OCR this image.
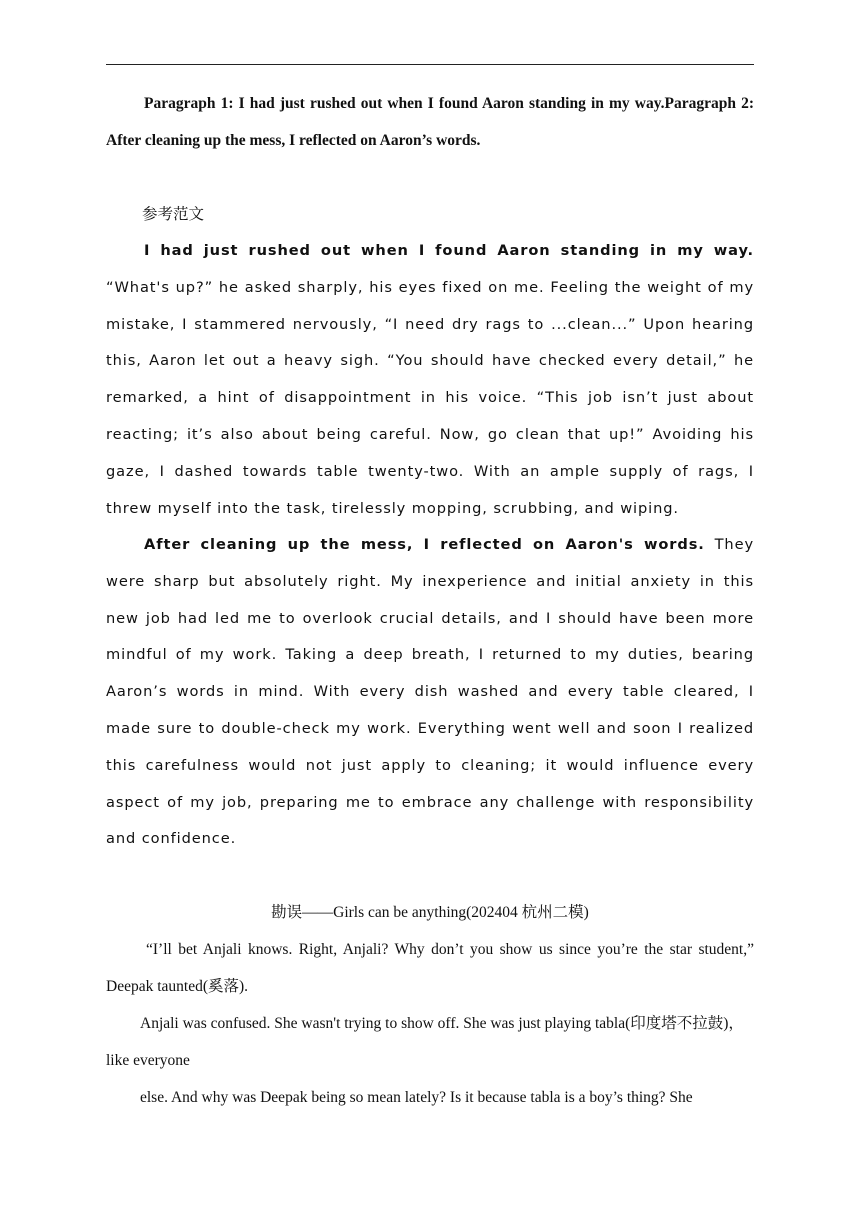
Paragraph 1: I had just rushed out when I found Aaron standing in my way.Paragraph 2: After cleaning up the mess, I reflected on Aaron’s words.

参考范文

I had just rushed out when I found Aaron standing in my way. “What's up?” he asked sharply, his eyes fixed on me. Feeling the weight of my mistake, I stammered nervously, “I need dry rags to ...clean...” Upon hearing this, Aaron let out a heavy sigh. “You should have checked every detail,” he remarked, a hint of disappointment in his voice. “This job isn’t just about reacting; it’s also about being careful. Now, go clean that up!” Avoiding his gaze, I dashed towards table twenty-two. With an ample supply of rags, I threw myself into the task, tirelessly mopping, scrubbing, and wiping.

After cleaning up the mess, I reflected on Aaron's words. They were sharp but absolutely right. My inexperience and initial anxiety in this new job had led me to overlook crucial details, and I should have been more mindful of my work. Taking a deep breath, I returned to my duties, bearing Aaron’s words in mind. With every dish washed and every table cleared, I made sure to double-check my work. Everything went well and soon I realized this carefulness would not just apply to cleaning; it would influence every aspect of my job, preparing me to embrace any challenge with responsibility and confidence.

勘误——Girls can be anything(202404 杭州二模)

“I’ll bet Anjali knows. Right, Anjali? Why don’t you show us since you’re the star student,” Deepak taunted(奚落).

Anjali was confused. She wasn't trying to show off. She was just playing tabla(印度塔不拉鼓)，like everyone

else. And why was Deepak being so mean lately? Is it because tabla is a boy’s thing? She
